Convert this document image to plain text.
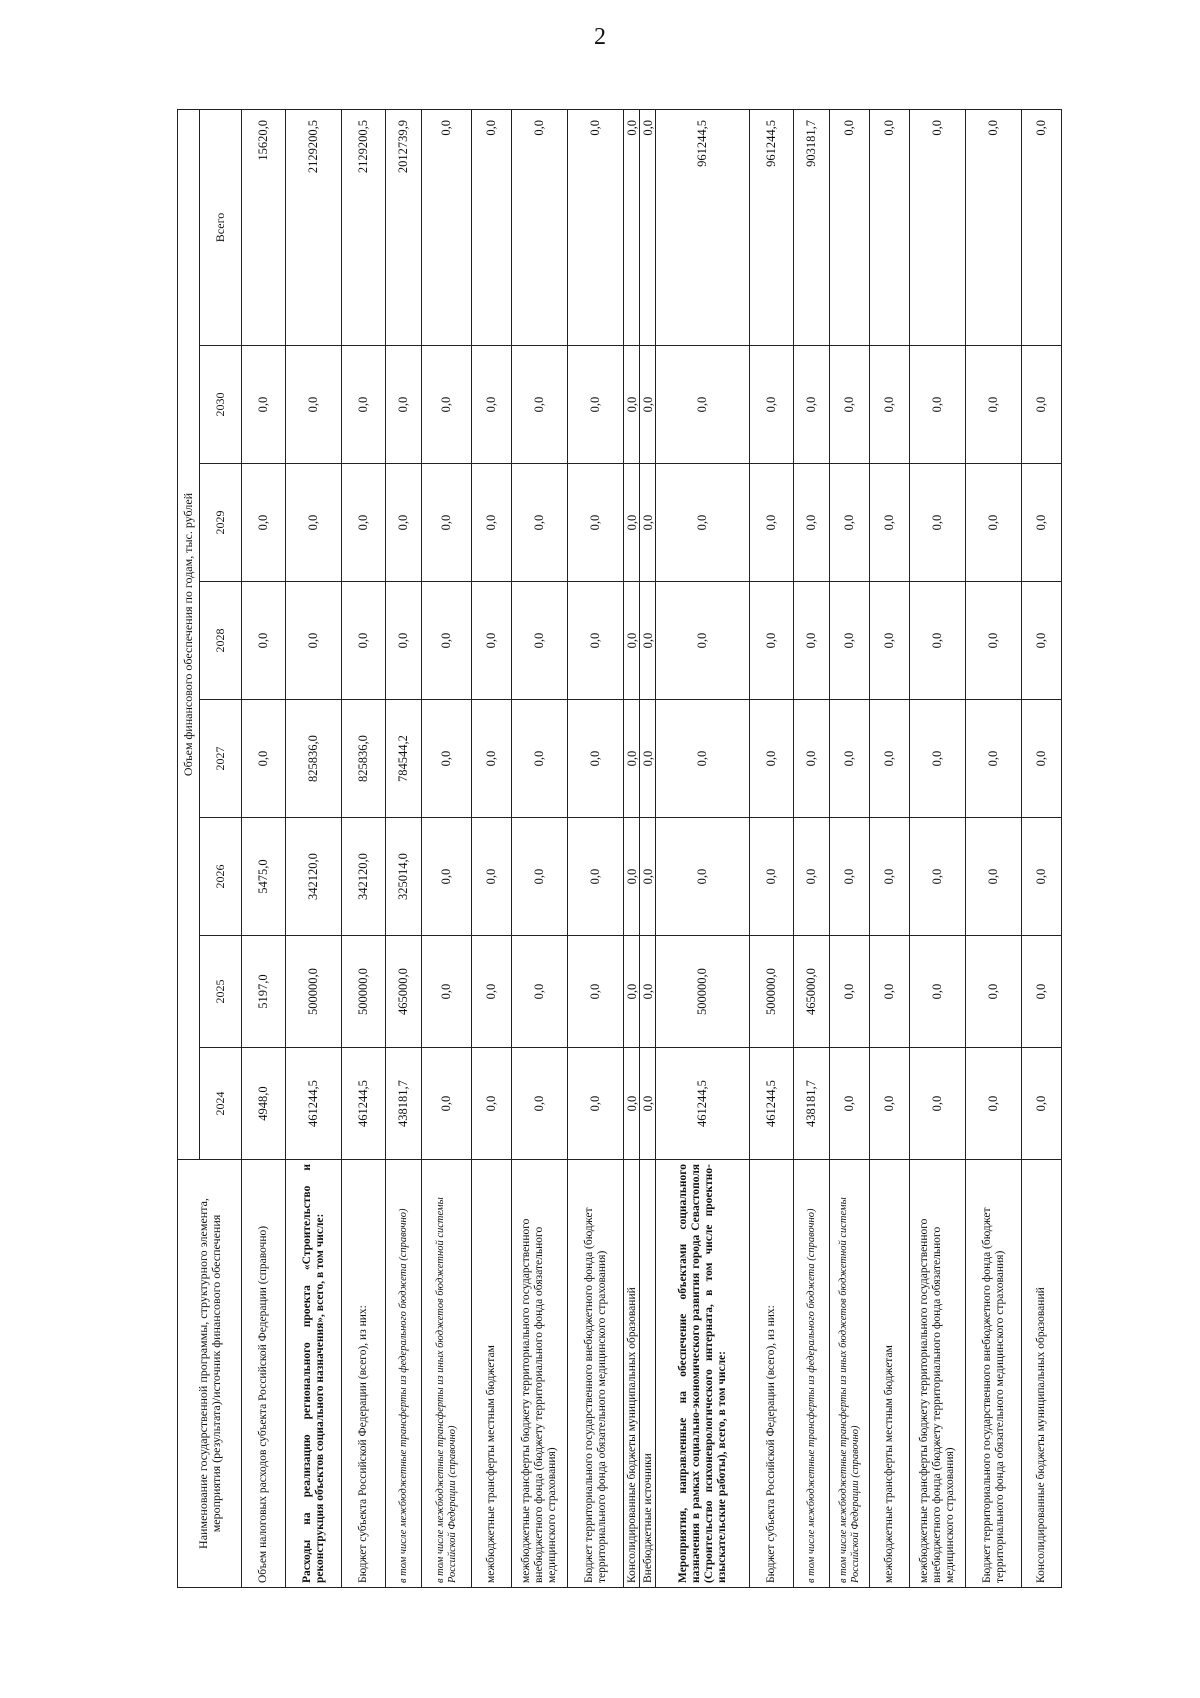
2
Наименование государственной программы, структурного элемента, мероприятия (результата)/источник финансового обеспечения	Объем финансового обеспечения по годам, тыс. рублей							
	2024	2025	2026	2027	2028	2029	2030	Всего
Объем налоговых расходов субъекта Российской Федерации (справочно)	4948,0	5197,0	5475,0	0,0	0,0	0,0	0,0	15620,0
Расходы на реализацию регионального проекта «Строительство и реконструкция объектов социального назначения», всего, в том числе:	461244,5	500000,0	342120,0	825836,0	0,0	0,0	0,0	2129200,5
Бюджет субъекта Российской Федерации (всего), из них:	461244,5	500000,0	342120,0	825836,0	0,0	0,0	0,0	2129200,5
в том числе межбюджетные трансферты из федерального бюджета (справочно)	438181,7	465000,0	325014,0	784544,2	0,0	0,0	0,0	2012739,9
в том числе межбюджетные трансферты из иных бюджетов бюджетной системы Российской Федерации (справочно)	0,0	0,0	0,0	0,0	0,0	0,0	0,0	0,0
межбюджетные трансферты местным бюджетам	0,0	0,0	0,0	0,0	0,0	0,0	0,0	0,0
межбюджетные трансферты бюджету территориального государственного внебюджетного фонда (бюджету территориального фонда обязательного медицинского страхования)	0,0	0,0	0,0	0,0	0,0	0,0	0,0	0,0
Бюджет территориального государственного внебюджетного фонда (бюджет территориального фонда обязательного медицинского страхования)	0,0	0,0	0,0	0,0	0,0	0,0	0,0	0,0
Консолидированные бюджеты муниципальных образований	0,0	0,0	0,0	0,0	0,0	0,0	0,0	0,0
Внебюджетные источники	0,0	0,0	0,0	0,0	0,0	0,0	0,0	0,0
Мероприятия, направленные на обеспечение объектами социального назначения в рамках социально-экономического развития города Севастополя (Строительство психоневрологического интерната, в том числе проектно-изыскательские работы), всего, в том числе:	461244,5	500000,0	0,0	0,0	0,0	0,0	0,0	961244,5
Бюджет субъекта Российской Федерации (всего), из них:	461244,5	500000,0	0,0	0,0	0,0	0,0	0,0	961244,5
в том числе межбюджетные трансферты из федерального бюджета (справочно)	438181,7	465000,0	0,0	0,0	0,0	0,0	0,0	903181,7
в том числе межбюджетные трансферты из иных бюджетов бюджетной системы Российской Федерации (справочно)	0,0	0,0	0,0	0,0	0,0	0,0	0,0	0,0
межбюджетные трансферты местным бюджетам	0,0	0,0	0,0	0,0	0,0	0,0	0,0	0,0
межбюджетные трансферты бюджету территориального государственного внебюджетного фонда (бюджету территориального фонда обязательного медицинского страхования)	0,0	0,0	0,0	0,0	0,0	0,0	0,0	0,0
Бюджет территориального государственного внебюджетного фонда (бюджет территориального фонда обязательного медицинского страхования)	0,0	0,0	0,0	0,0	0,0	0,0	0,0	0,0
Консолидированные бюджеты муниципальных образований	0,0	0,0	0,0	0,0	0,0	0,0	0,0	0,0
